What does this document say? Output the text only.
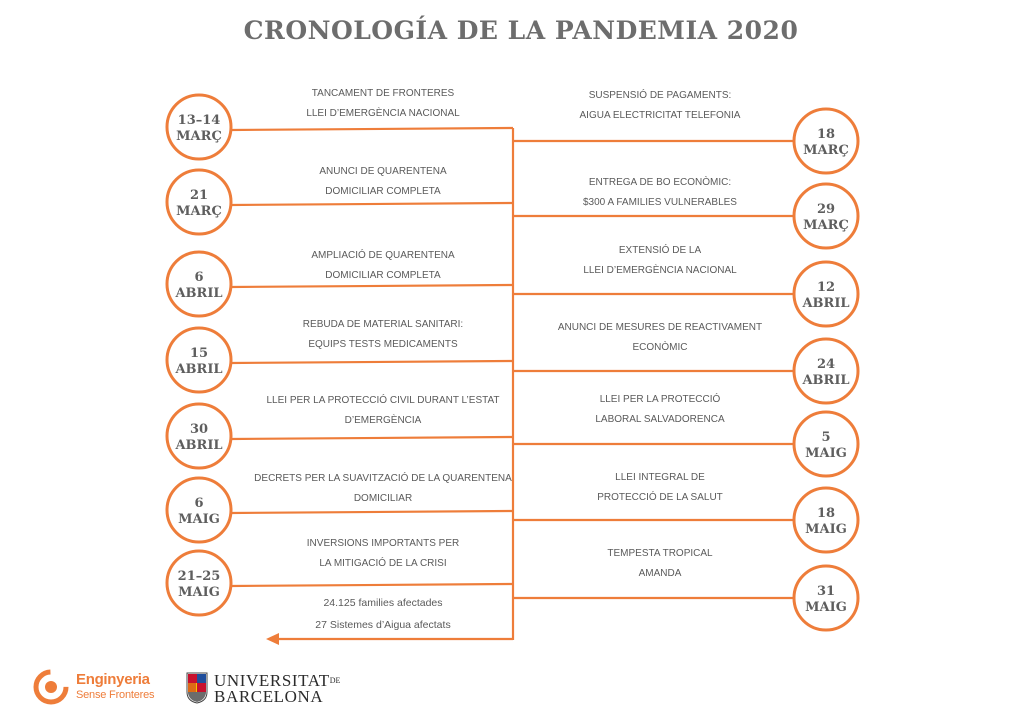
CRONOLOGÍA DE LA PANDEMIA 2020
13–14 MARÇ
TANCAMENT DE FRONTERES
LLEI D’EMERGÈNCIA NACIONAL
21 MARÇ
ANUNCI DE QUARENTENA
DOMICILIAR COMPLETA
6 ABRIL
AMPLIACIÓ DE QUARENTENA
DOMICILIAR COMPLETA
15 ABRIL
REBUDA DE MATERIAL SANITARI:
EQUIPS TESTS MEDICAMENTS
30 ABRIL
LLEI PER LA PROTECCIÓ CIVIL DURANT L’ESTAT
D’EMERGÈNCIA
6 MAIG
DECRETS PER LA SUAVITZACIÓ DE LA QUARENTENA
DOMICILIAR
21–25 MAIG
INVERSIONS IMPORTANTS PER
LA MITIGACIÓ DE LA CRISI
18 MARÇ
SUSPENSIÓ DE PAGAMENTS:
AIGUA ELECTRICITAT TELEFONIA
29 MARÇ
ENTREGA DE BO ECONÒMIC:
$300 A FAMILIES VULNERABLES
12 ABRIL
EXTENSIÓ DE LA
LLEI D’EMERGÈNCIA NACIONAL
24 ABRIL
ANUNCI DE MESURES DE REACTIVAMENT
ECONÒMIC
5 MAIG
LLEI PER LA PROTECCIÓ
LABORAL SALVADORENCA
18 MAIG
LLEI INTEGRAL DE
PROTECCIÓ DE LA SALUT
31 MAIG
TEMPESTA TROPICAL
AMANDA
24.125 families afectades
27 Sistemes d’Aigua afectats
Enginyeria
Sense Fronteres
UNIVERSITATDE
BARCELONA
